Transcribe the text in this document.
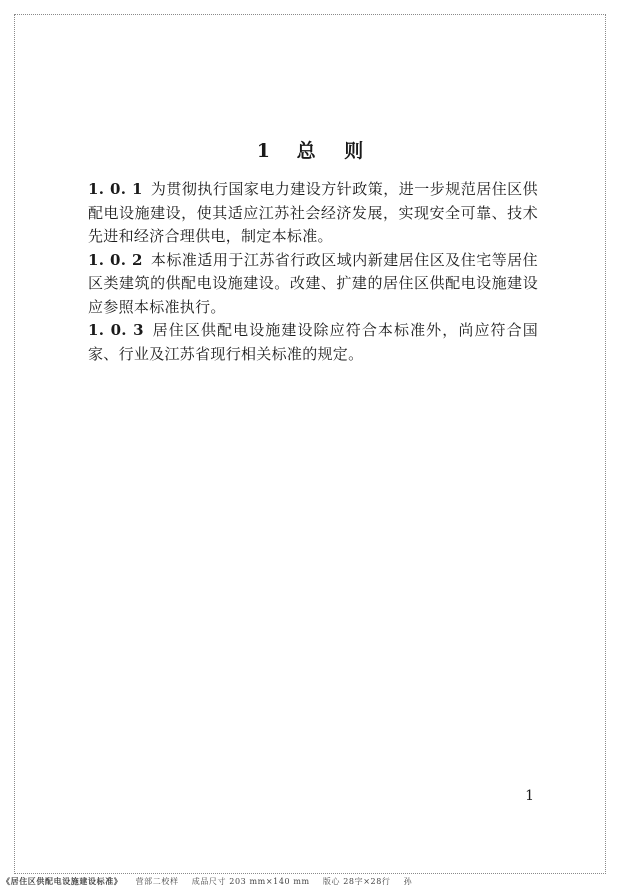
1 总 则

1. 0. 1 为贯彻执行国家电力建设方针政策，进一步规范居住区供配电设施建设，使其适应江苏社会经济发展，实现安全可靠、技术先进和经济合理供电，制定本标准。

1. 0. 2 本标准适用于江苏省行政区域内新建居住区及住宅等居住区类建筑的供配电设施建设。改建、扩建的居住区供配电设施建设应参照本标准执行。

1. 0. 3 居住区供配电设施建设除应符合本标准外，尚应符合国家、行业及江苏省现行相关标准的规定。

1
《居住区供配电设施建设标准》 营部二校样 成品尺寸 203 mm×140 mm 版心 28字×28行 孙
